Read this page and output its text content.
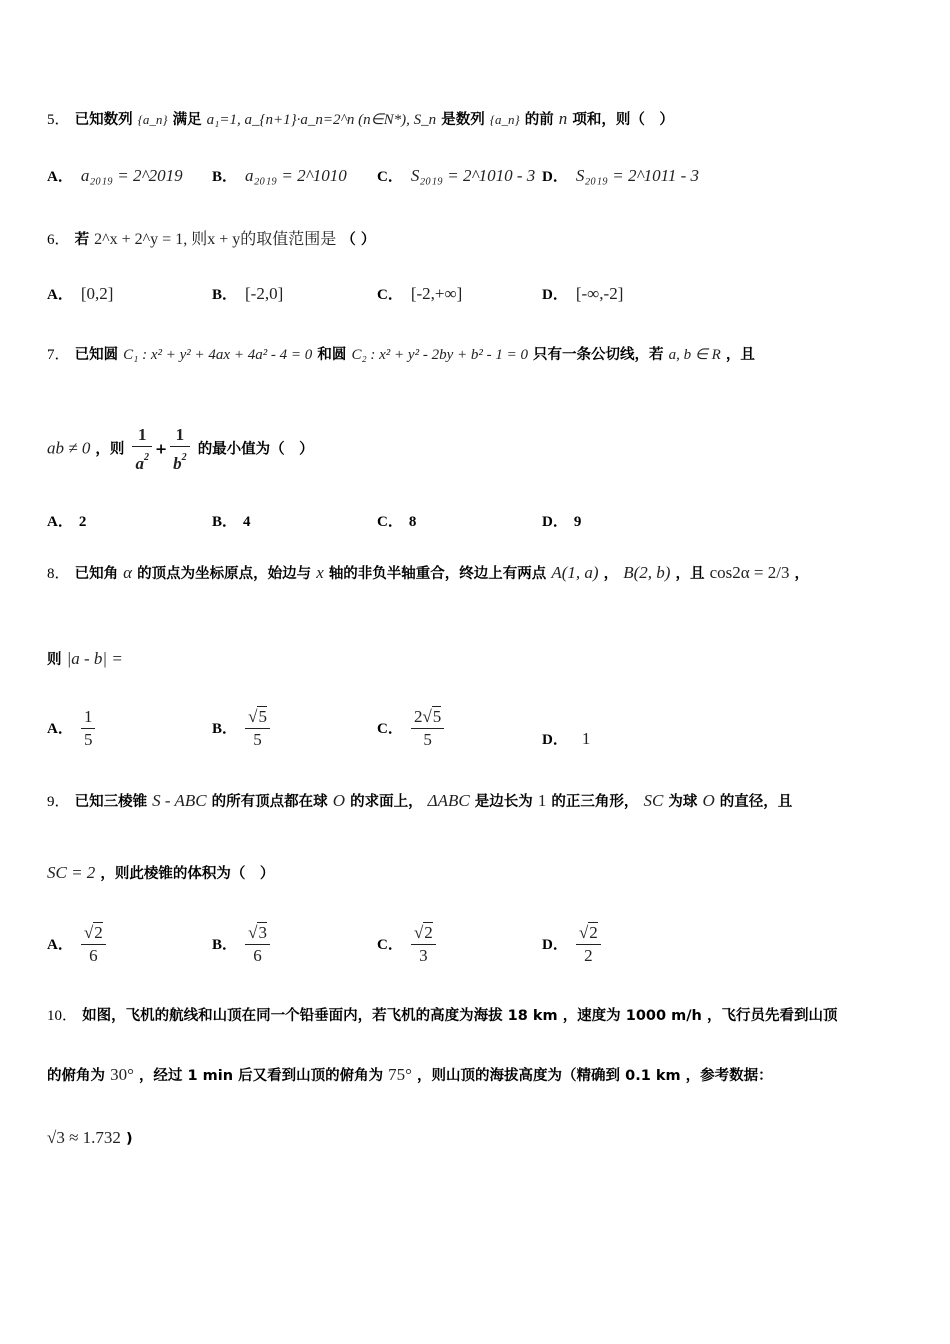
5． 已知数列 {a_n} 满足 a₁=1, a_{n+1}·a_n=2^n (n∈N*), S_n 是数列 {a_n} 的前 n 项和，则（　）
A． a₂₀₁₉ = 2^2019 B． a₂₀₁₉ = 2^1010 C． S₂₀₁₉ = 2^1010 - 3 D． S₂₀₁₉ = 2^1011 - 3
6． 若 2^x + 2^y = 1, 则x + y的取值范围是 （ ）
A． [0,2]	B． [-2,0]	C． [-2,+∞]	D． [-∞,-2]
7． 已知圆 C₁ : x² + y² + 4ax + 4a² - 4 = 0 和圆 C₂ : x² + y² - 2by + b² - 1 = 0 只有一条公切线，若 a, b ∈ R ，且
ab ≠ 0 ，则 $\frac{1}{a^2} + \frac{1}{b^2}$ 的最小值为（　）
A． 2	B． 4	C． 8	D． 9
8． 已知角 α 的顶点为坐标原点，始边与 x 轴的非负半轴重合，终边上有两点 A(1, a) ， B(2, b) ，且 cos2α = 2/3 ，
则 |a - b| =
A． $\frac{1}{5}$	B． $\frac{√5}{5}$	C． $\frac{2√5}{5}$	D． 1
9． 已知三棱锥 S - ABC 的所有顶点都在球 O 的求面上， ΔABC 是边长为 1 的正三角形， SC 为球 O 的直径，且
SC = 2 ，则此棱锥的体积为（　）
A． $\frac{√2}{6}$	B． $\frac{√3}{6}$	C． $\frac{√2}{3}$	D． $\frac{√2}{2}$
10． 如图，飞机的航线和山顶在同一个铅垂面内，若飞机的高度为海拔 18 km ，速度为 1000 m/h ，飞行员先看到山顶
的俯角为 30° ，经过 1 min 后又看到山顶的俯角为 75° ，则山顶的海拔高度为（精确到 0.1 km ，参考数据：
√3 ≈ 1.732 )
